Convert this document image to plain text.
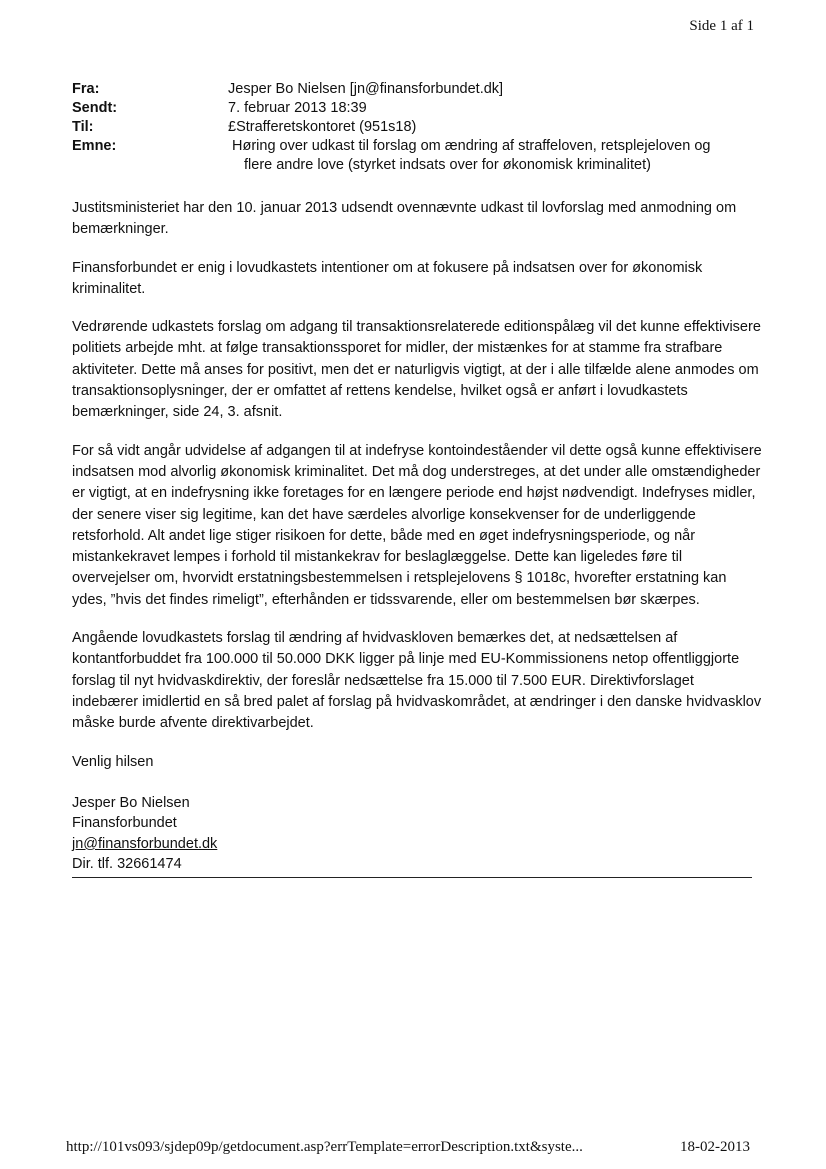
Side 1 af 1
Fra:	Jesper Bo Nielsen [jn@finansforbundet.dk]
Sendt:	7. februar 2013 18:39
Til:	£Strafferetskontoret (951s18)
Emne:	Høring over udkast til forslag om ændring af straffeloven, retsplejeloven og
flere andre love (styrket indsats over for økonomisk kriminalitet)

Justitsministeriet har den 10. januar 2013 udsendt ovennævnte udkast til lovforslag med anmodning om bemærkninger.

Finansforbundet er enig i lovudkastets intentioner om at fokusere på indsatsen over for økonomisk kriminalitet.

Vedrørende udkastets forslag om adgang til transaktionsrelaterede editionspålæg vil det kunne effektivisere politiets arbejde mht. at følge transaktionssporet for midler, der mistænkes for at stamme fra strafbare aktiviteter. Dette må anses for positivt, men det er naturligvis vigtigt, at der i alle tilfælde alene anmodes om transaktionsoplysninger, der er omfattet af rettens kendelse, hvilket også er anført i lovudkastets bemærkninger, side 24, 3. afsnit.

For så vidt angår udvidelse af adgangen til at indefryse kontoindeståender vil dette også kunne effektivisere indsatsen mod alvorlig økonomisk kriminalitet. Det må dog understreges, at det under alle omstændigheder er vigtigt, at en indefrysning ikke foretages for en længere periode end højst nødvendigt. Indefryses midler, der senere viser sig legitime, kan det have særdeles alvorlige konsekvenser for de underliggende retsforhold. Alt andet lige stiger risikoen for dette, både med en øget indefrysningsperiode, og når mistankekravet lempes i forhold til mistankekrav for beslaglæggelse. Dette kan ligeledes føre til overvejelser om, hvorvidt erstatningsbestemmelsen i retsplejelovens § 1018c, hvorefter erstatning kan ydes, ”hvis det findes rimeligt”, efterhånden er tidssvarende, eller om bestemmelsen bør skærpes.

Angående lovudkastets forslag til ændring af hvidvaskloven bemærkes det, at nedsættelsen af kontantforbuddet fra 100.000 til 50.000 DKK ligger på linje med EU-Kommissionens netop offentliggjorte forslag til nyt hvidvaskdirektiv, der foreslår nedsættelse fra 15.000 til 7.500 EUR. Direktivforslaget indebærer imidlertid en så bred palet af forslag på hvidvaskområdet, at ændringer i den danske hvidvasklov måske burde afvente direktivarbejdet.

Venlig hilsen

Jesper Bo Nielsen
Finansforbundet
jn@finansforbundet.dk
Dir. tlf. 32661474
http://101vs093/sjdep09p/getdocument.asp?errTemplate=errorDescription.txt&syste...	18-02-2013
